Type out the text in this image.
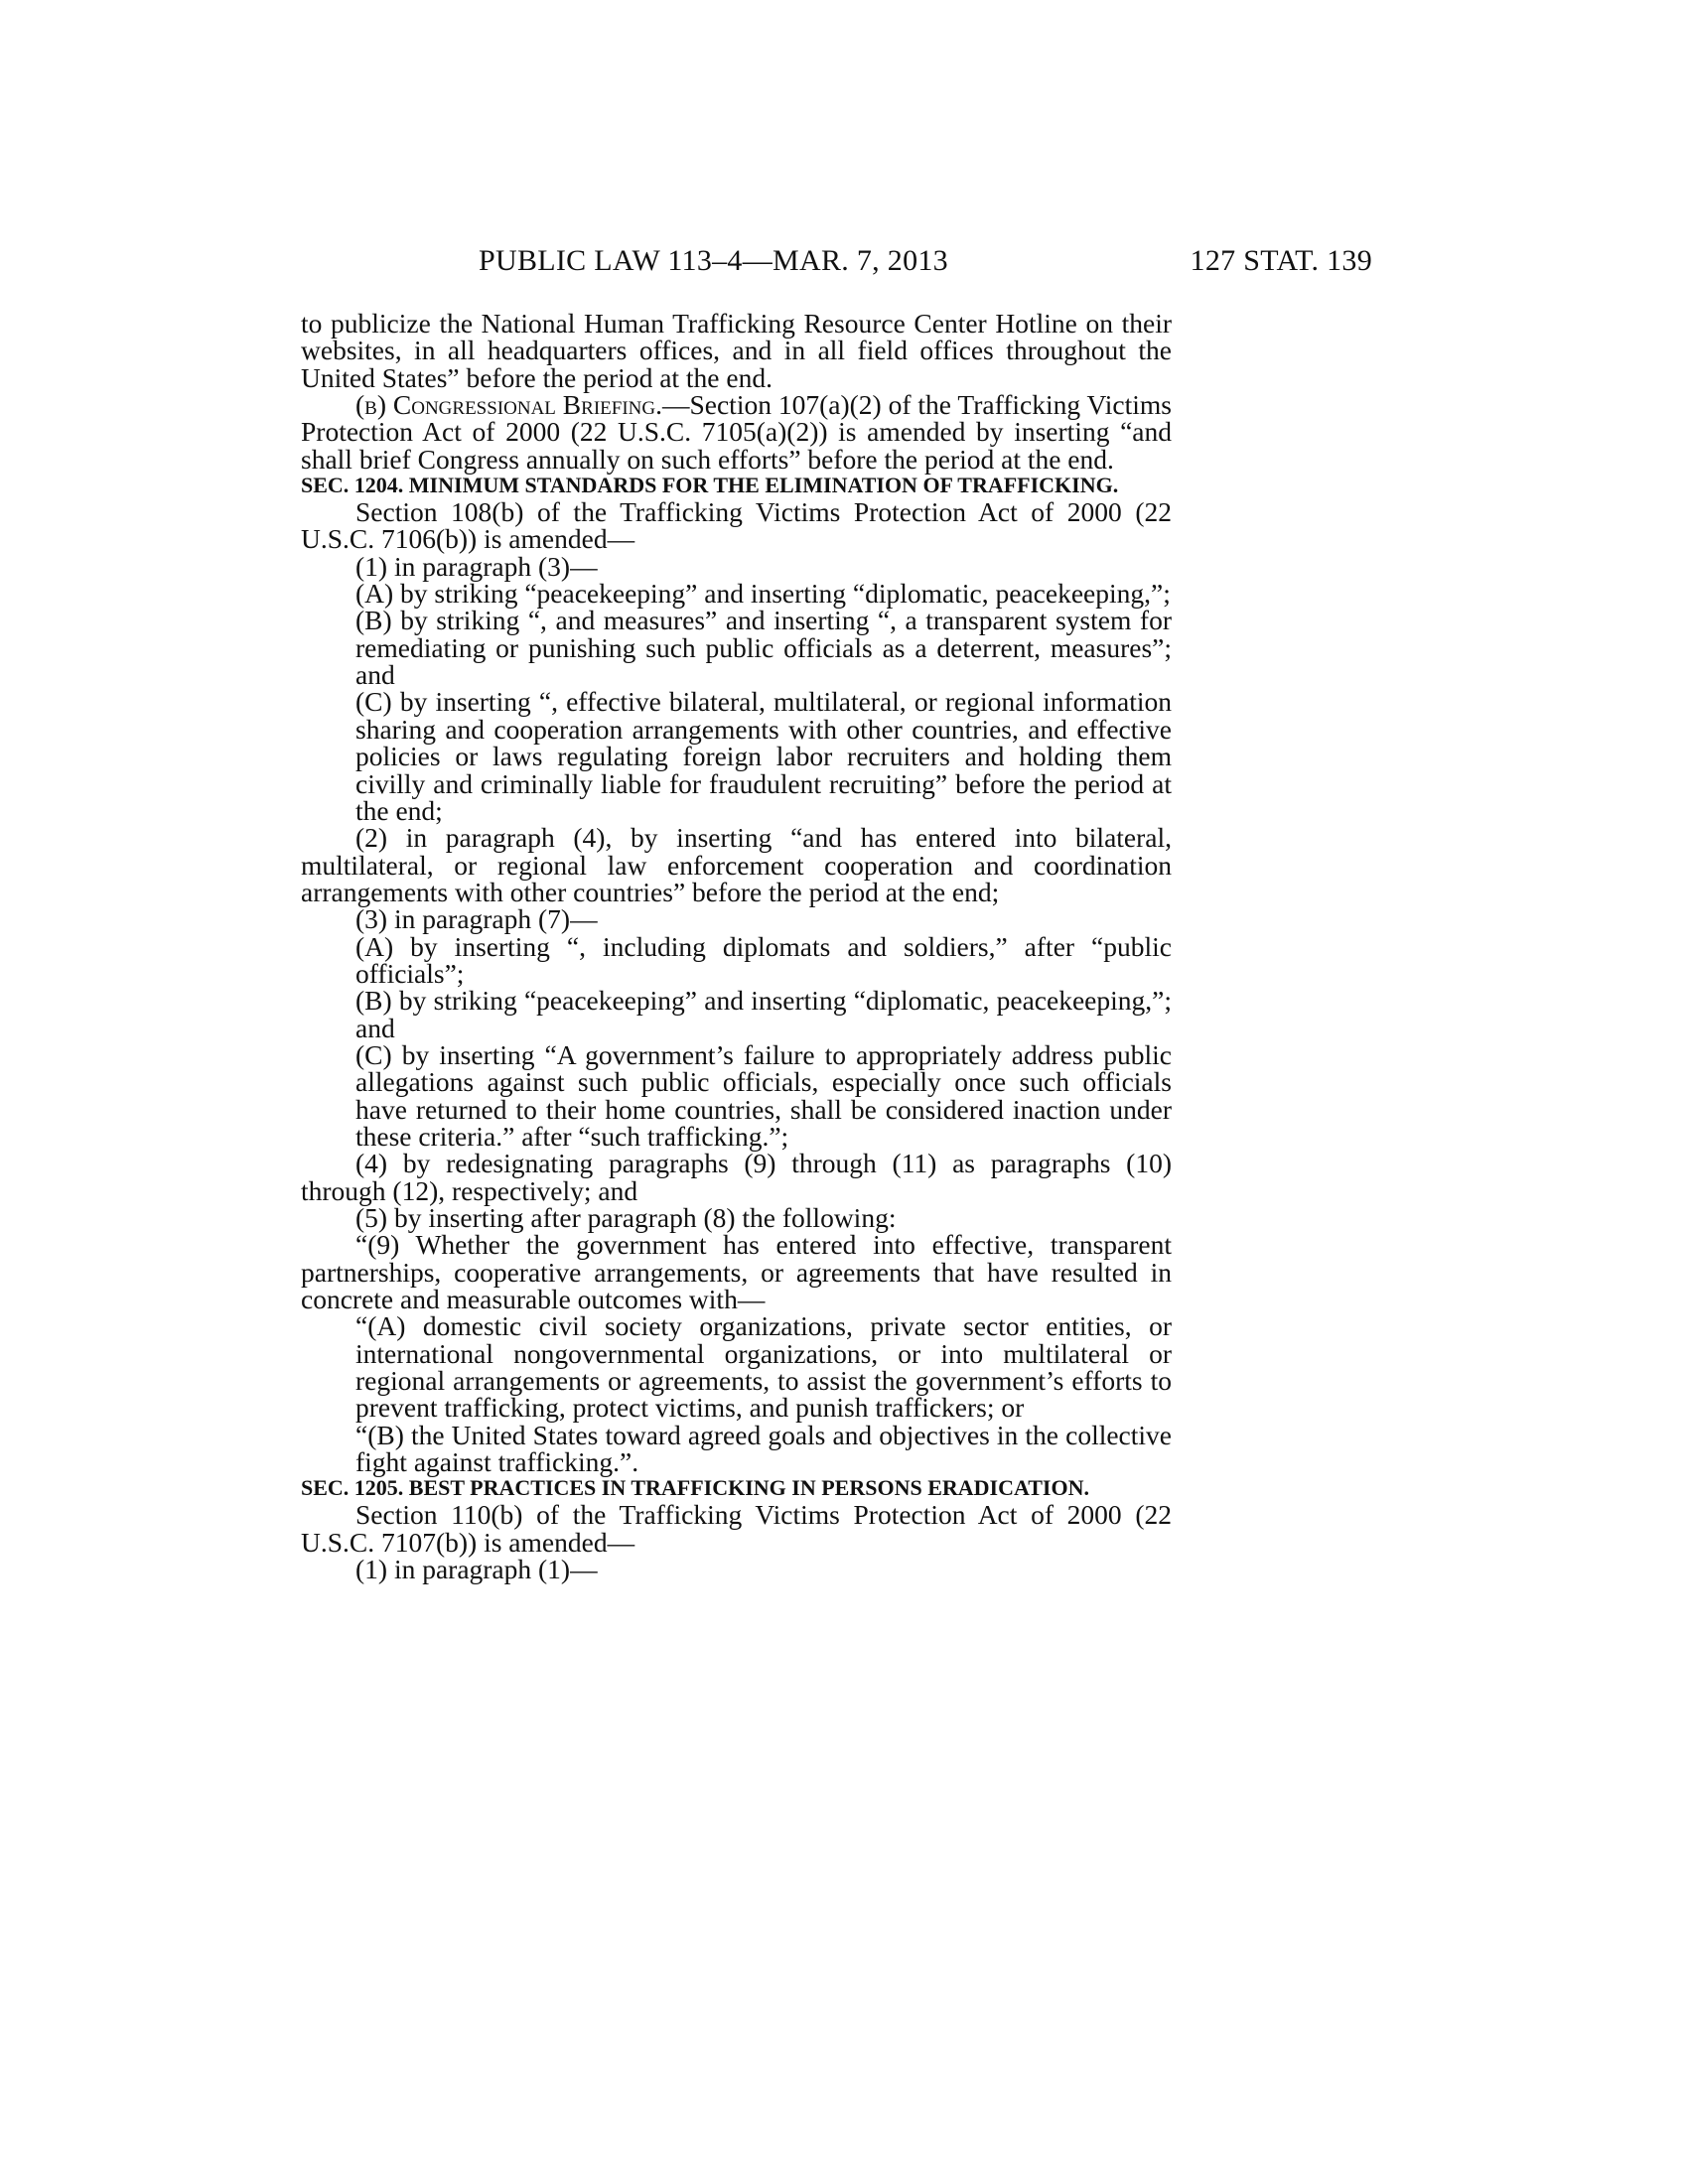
PUBLIC LAW 113–4—MAR. 7, 2013	127 STAT. 139

to publicize the National Human Trafficking Resource Center Hotline on their websites, in all headquarters offices, and in all field offices throughout the United States” before the period at the end.

(b) Congressional Briefing.—Section 107(a)(2) of the Trafficking Victims Protection Act of 2000 (22 U.S.C. 7105(a)(2)) is amended by inserting “and shall brief Congress annually on such efforts” before the period at the end.

SEC. 1204. MINIMUM STANDARDS FOR THE ELIMINATION OF TRAFFICKING.

Section 108(b) of the Trafficking Victims Protection Act of 2000 (22 U.S.C. 7106(b)) is amended—

(1) in paragraph (3)—

(A) by striking “peacekeeping” and inserting “diplomatic, peacekeeping,”;

(B) by striking “, and measures” and inserting “, a transparent system for remediating or punishing such public officials as a deterrent, measures”; and

(C) by inserting “, effective bilateral, multilateral, or regional information sharing and cooperation arrangements with other countries, and effective policies or laws regulating foreign labor recruiters and holding them civilly and criminally liable for fraudulent recruiting” before the period at the end;

(2) in paragraph (4), by inserting “and has entered into bilateral, multilateral, or regional law enforcement cooperation and coordination arrangements with other countries” before the period at the end;

(3) in paragraph (7)—

(A) by inserting “, including diplomats and soldiers,” after “public officials”;

(B) by striking “peacekeeping” and inserting “diplomatic, peacekeeping,”; and

(C) by inserting “A government’s failure to appropriately address public allegations against such public officials, especially once such officials have returned to their home countries, shall be considered inaction under these criteria.” after “such trafficking.”;

(4) by redesignating paragraphs (9) through (11) as paragraphs (10) through (12), respectively; and

(5) by inserting after paragraph (8) the following:

“(9) Whether the government has entered into effective, transparent partnerships, cooperative arrangements, or agreements that have resulted in concrete and measurable outcomes with—

“(A) domestic civil society organizations, private sector entities, or international nongovernmental organizations, or into multilateral or regional arrangements or agreements, to assist the government’s efforts to prevent trafficking, protect victims, and punish traffickers; or

“(B) the United States toward agreed goals and objectives in the collective fight against trafficking.”.

SEC. 1205. BEST PRACTICES IN TRAFFICKING IN PERSONS ERADICATION.

Section 110(b) of the Trafficking Victims Protection Act of 2000 (22 U.S.C. 7107(b)) is amended—

(1) in paragraph (1)—
